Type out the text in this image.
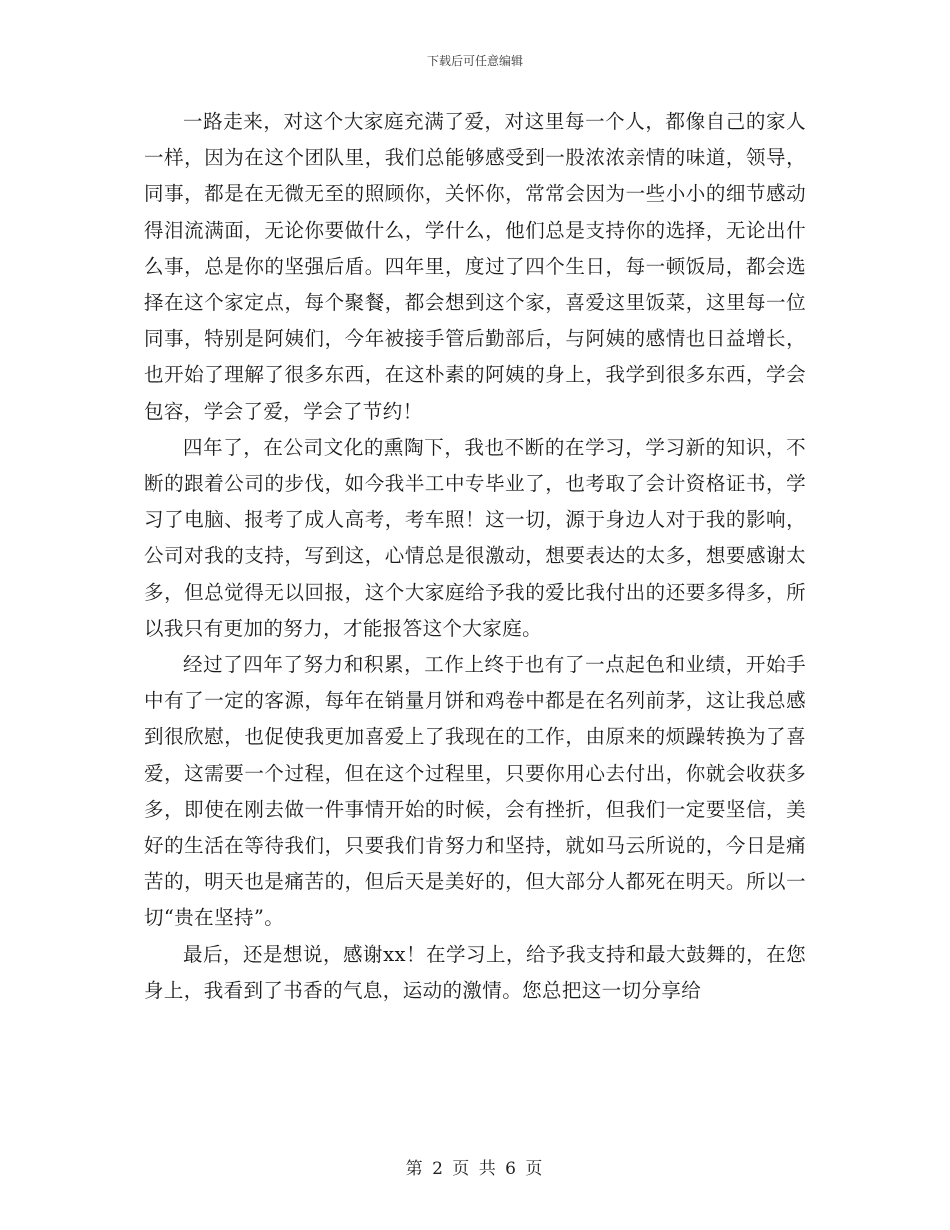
下载后可任意编辑

一路走来，对这个大家庭充满了爱，对这里每一个人，都像自己的家人一样，因为在这个团队里，我们总能够感受到一股浓浓亲情的味道，领导，同事，都是在无微无至的照顾你，关怀你，常常会因为一些小小的细节感动得泪流满面，无论你要做什么，学什么，他们总是支持你的选择，无论出什么事，总是你的坚强后盾。四年里，度过了四个生日，每一顿饭局，都会选择在这个家定点，每个聚餐，都会想到这个家，喜爱这里饭菜，这里每一位同事，特别是阿姨们，今年被接手管后勤部后，与阿姨的感情也日益增长，也开始了理解了很多东西，在这朴素的阿姨的身上，我学到很多东西，学会包容，学会了爱，学会了节约！

四年了，在公司文化的熏陶下，我也不断的在学习，学习新的知识，不断的跟着公司的步伐，如今我半工中专毕业了，也考取了会计资格证书，学习了电脑、报考了成人高考，考车照！这一切，源于身边人对于我的影响，公司对我的支持，写到这，心情总是很激动，想要表达的太多，想要感谢太多，但总觉得无以回报，这个大家庭给予我的爱比我付出的还要多得多，所以我只有更加的努力，才能报答这个大家庭。

经过了四年了努力和积累，工作上终于也有了一点起色和业绩，开始手中有了一定的客源，每年在销量月饼和鸡卷中都是在名列前茅，这让我总感到很欣慰，也促使我更加喜爱上了我现在的工作，由原来的烦躁转换为了喜爱，这需要一个过程，但在这个过程里，只要你用心去付出，你就会收获多多，即使在刚去做一件事情开始的时候，会有挫折，但我们一定要坚信，美好的生活在等待我们，只要我们肯努力和坚持，就如马云所说的，今日是痛苦的，明天也是痛苦的，但后天是美好的，但大部分人都死在明天。所以一切“贵在坚持”。

最后，还是想说，感谢xx！在学习上，给予我支持和最大鼓舞的，在您身上，我看到了书香的气息，运动的激情。您总把这一切分享给

第 2 页 共 6 页
